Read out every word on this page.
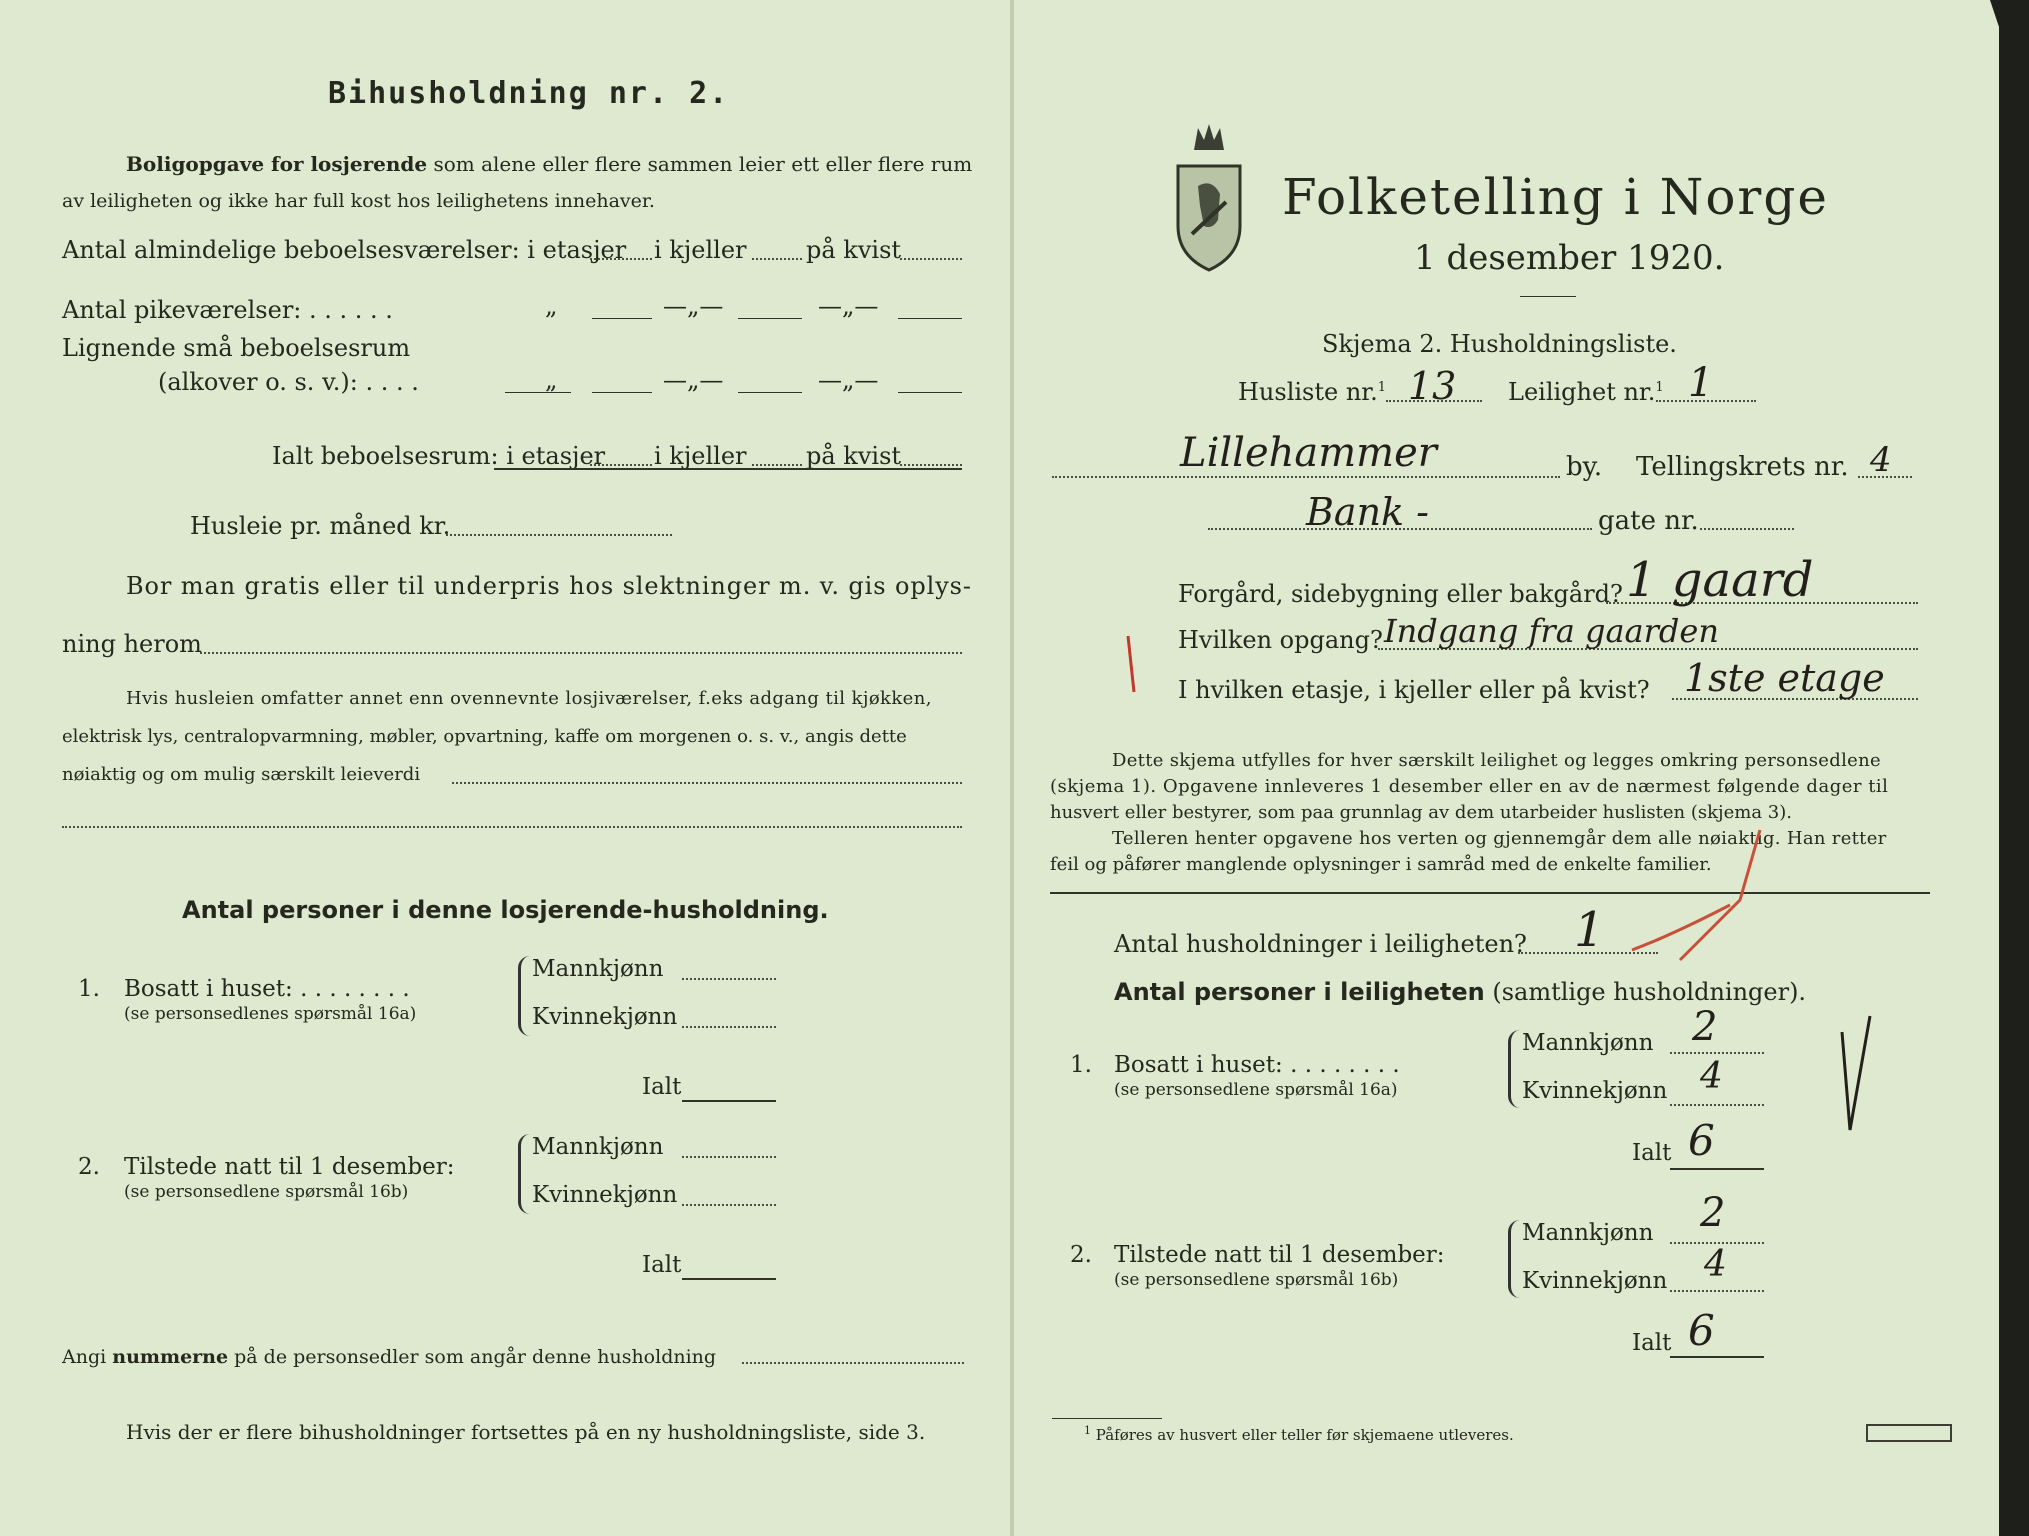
Bihusholdning nr. 2.
Boligopgave for losjerende som alene eller flere sammen leier ett eller flere rum
av leiligheten og ikke har full kost hos leilighetens innehaver.
Antal almindelige beboelsesværelser: i etasjer i kjeller på kvist
Antal pikeværelser: . . . . . .	„	—„—	—„—
Lignende små beboelsesrum
(alkover o. s. v.): . . . .	„	—„—	—„—
Ialt beboelsesrum: i etasjer i kjeller på kvist
Husleie pr. måned kr.
Bor man gratis eller til underpris hos slektninger m. v. gis oplys-
ning herom
Hvis husleien omfatter annet enn ovennevnte losjiværelser, f.eks adgang til kjøkken,
elektrisk lys, centralopvarmning, møbler, opvartning, kaffe om morgenen o. s. v., angis dette
nøiaktig og om mulig særskilt leieverdi
Antal personer i denne losjerende-husholdning.
1. Bosatt i huset: . . . . . . . .
(se personsedlenes spørsmål 16a)
Mannkjønn
Kvinnekjønn
Ialt
2. Tilstede natt til 1 desember:
(se personsedlene spørsmål 16b)
Mannkjønn
Kvinnekjønn
Ialt
Angi nummerne på de personsedler som angår denne husholdning
Hvis der er flere bihusholdninger fortsettes på en ny husholdningsliste, side 3.
Folketelling i Norge
1 desember 1920.
Skjema 2. Husholdningsliste.
Husliste nr.$^1$ 13 Leilighet nr.$^1$ 1
Lillehammer	by. Tellingskrets nr. 4
Bank -	gate nr.
Forgård, sidebygning eller bakgård? 1 gaard
Hvilken opgang? Indgang fra gaarden
I hvilken etasje, i kjeller eller på kvist? 1ste etage
Dette skjema utfylles for hver særskilt leilighet og legges omkring personsedlene
(skjema 1). Opgavene innleveres 1 desember eller en av de nærmest følgende dager til
husvert eller bestyrer, som paa grunnlag av dem utarbeider huslisten (skjema 3).
Telleren henter opgavene hos verten og gjennemgår dem alle nøiaktig. Han retter
feil og påfører manglende oplysninger i samråd med de enkelte familier.
Antal husholdninger i leiligheten? 1
Antal personer i leiligheten (samtlige husholdninger).
1. Bosatt i huset: . . . . . . . .
(se personsedlene spørsmål 16a)
Mannkjønn 2
Kvinnekjønn 4
Ialt 6
2. Tilstede natt til 1 desember:
(se personsedlene spørsmål 16b)
Mannkjønn 2
Kvinnekjønn 4
Ialt 6
$^1$ Påføres av husvert eller teller før skjemaene utleveres.
